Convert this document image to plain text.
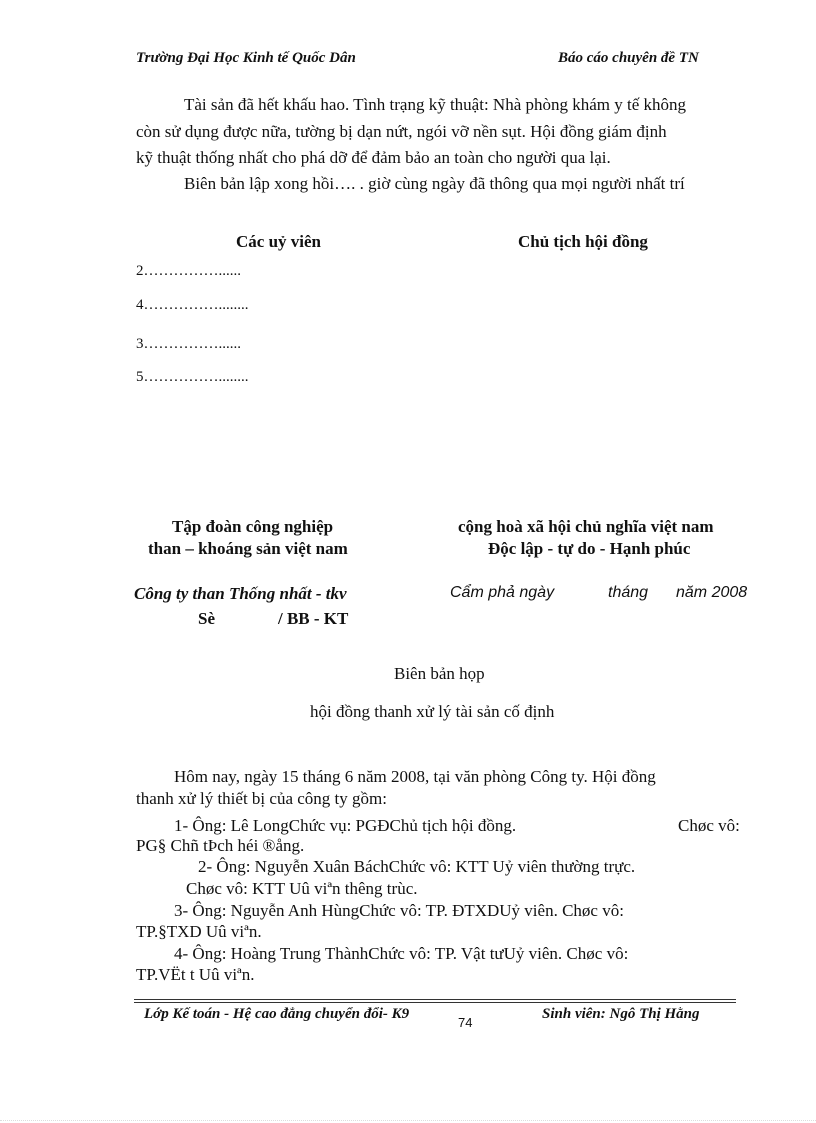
Trường Đại Học Kinh tế Quốc Dân	Báo cáo chuyên đề TN
Tài sản đã hết khấu hao. Tình trạng kỹ thuật: Nhà phòng khám y tế không
còn sử dụng được nữa, tường bị dạn nứt, ngói vỡ nền sụt. Hội đồng giám định
kỹ thuật thống nhất cho phá dỡ để đảm bảo an toàn cho người qua lại.
Biên bản lập xong hồi…. . giờ cùng ngày đã thông qua mọi người nhất trí
Các uỷ viên	Chủ tịch hội đồng
2……………......
4……………........
3……………......
5……………........
Tập đoàn công nghiệp
than – khoáng sản việt nam
cộng hoà xã hội chủ nghĩa việt nam
Độc lập - tự do - Hạnh phúc
Công ty than Thống nhất - tkv	Cẩm phả ngày	tháng năm 2008
Sè	/ BB - KT
Biên bản họp
hội đồng thanh xử lý tài sản cố định
Hôm nay, ngày 15 tháng 6 năm 2008, tại văn phòng Công ty. Hội đồng
thanh xử lý thiết bị của công ty gồm:
1- Ông: Lê LongChức vụ: PGĐChủ tịch hội đồng.	Chøc vô:
PG§ Chñ tÞch héi ®ång.
2- Ông: Nguyễn Xuân BáchChức vô: KTT Uỷ viên thường trực.
Chøc vô: KTT Uû viªn thêng trùc.
3- Ông: Nguyễn Anh HùngChức vô: TP. ĐTXDUỷ viên. Chøc vô:
TP.§TXD Uû viªn.
4- Ông: Hoàng Trung ThànhChức vô: TP. Vật tưUỷ viên. Chøc vô:
TP.VËt t Uû viªn.
Lớp Kế toán - Hệ cao đẳng chuyển đổi- K9
74
Sinh viên: Ngô Thị Hằng
